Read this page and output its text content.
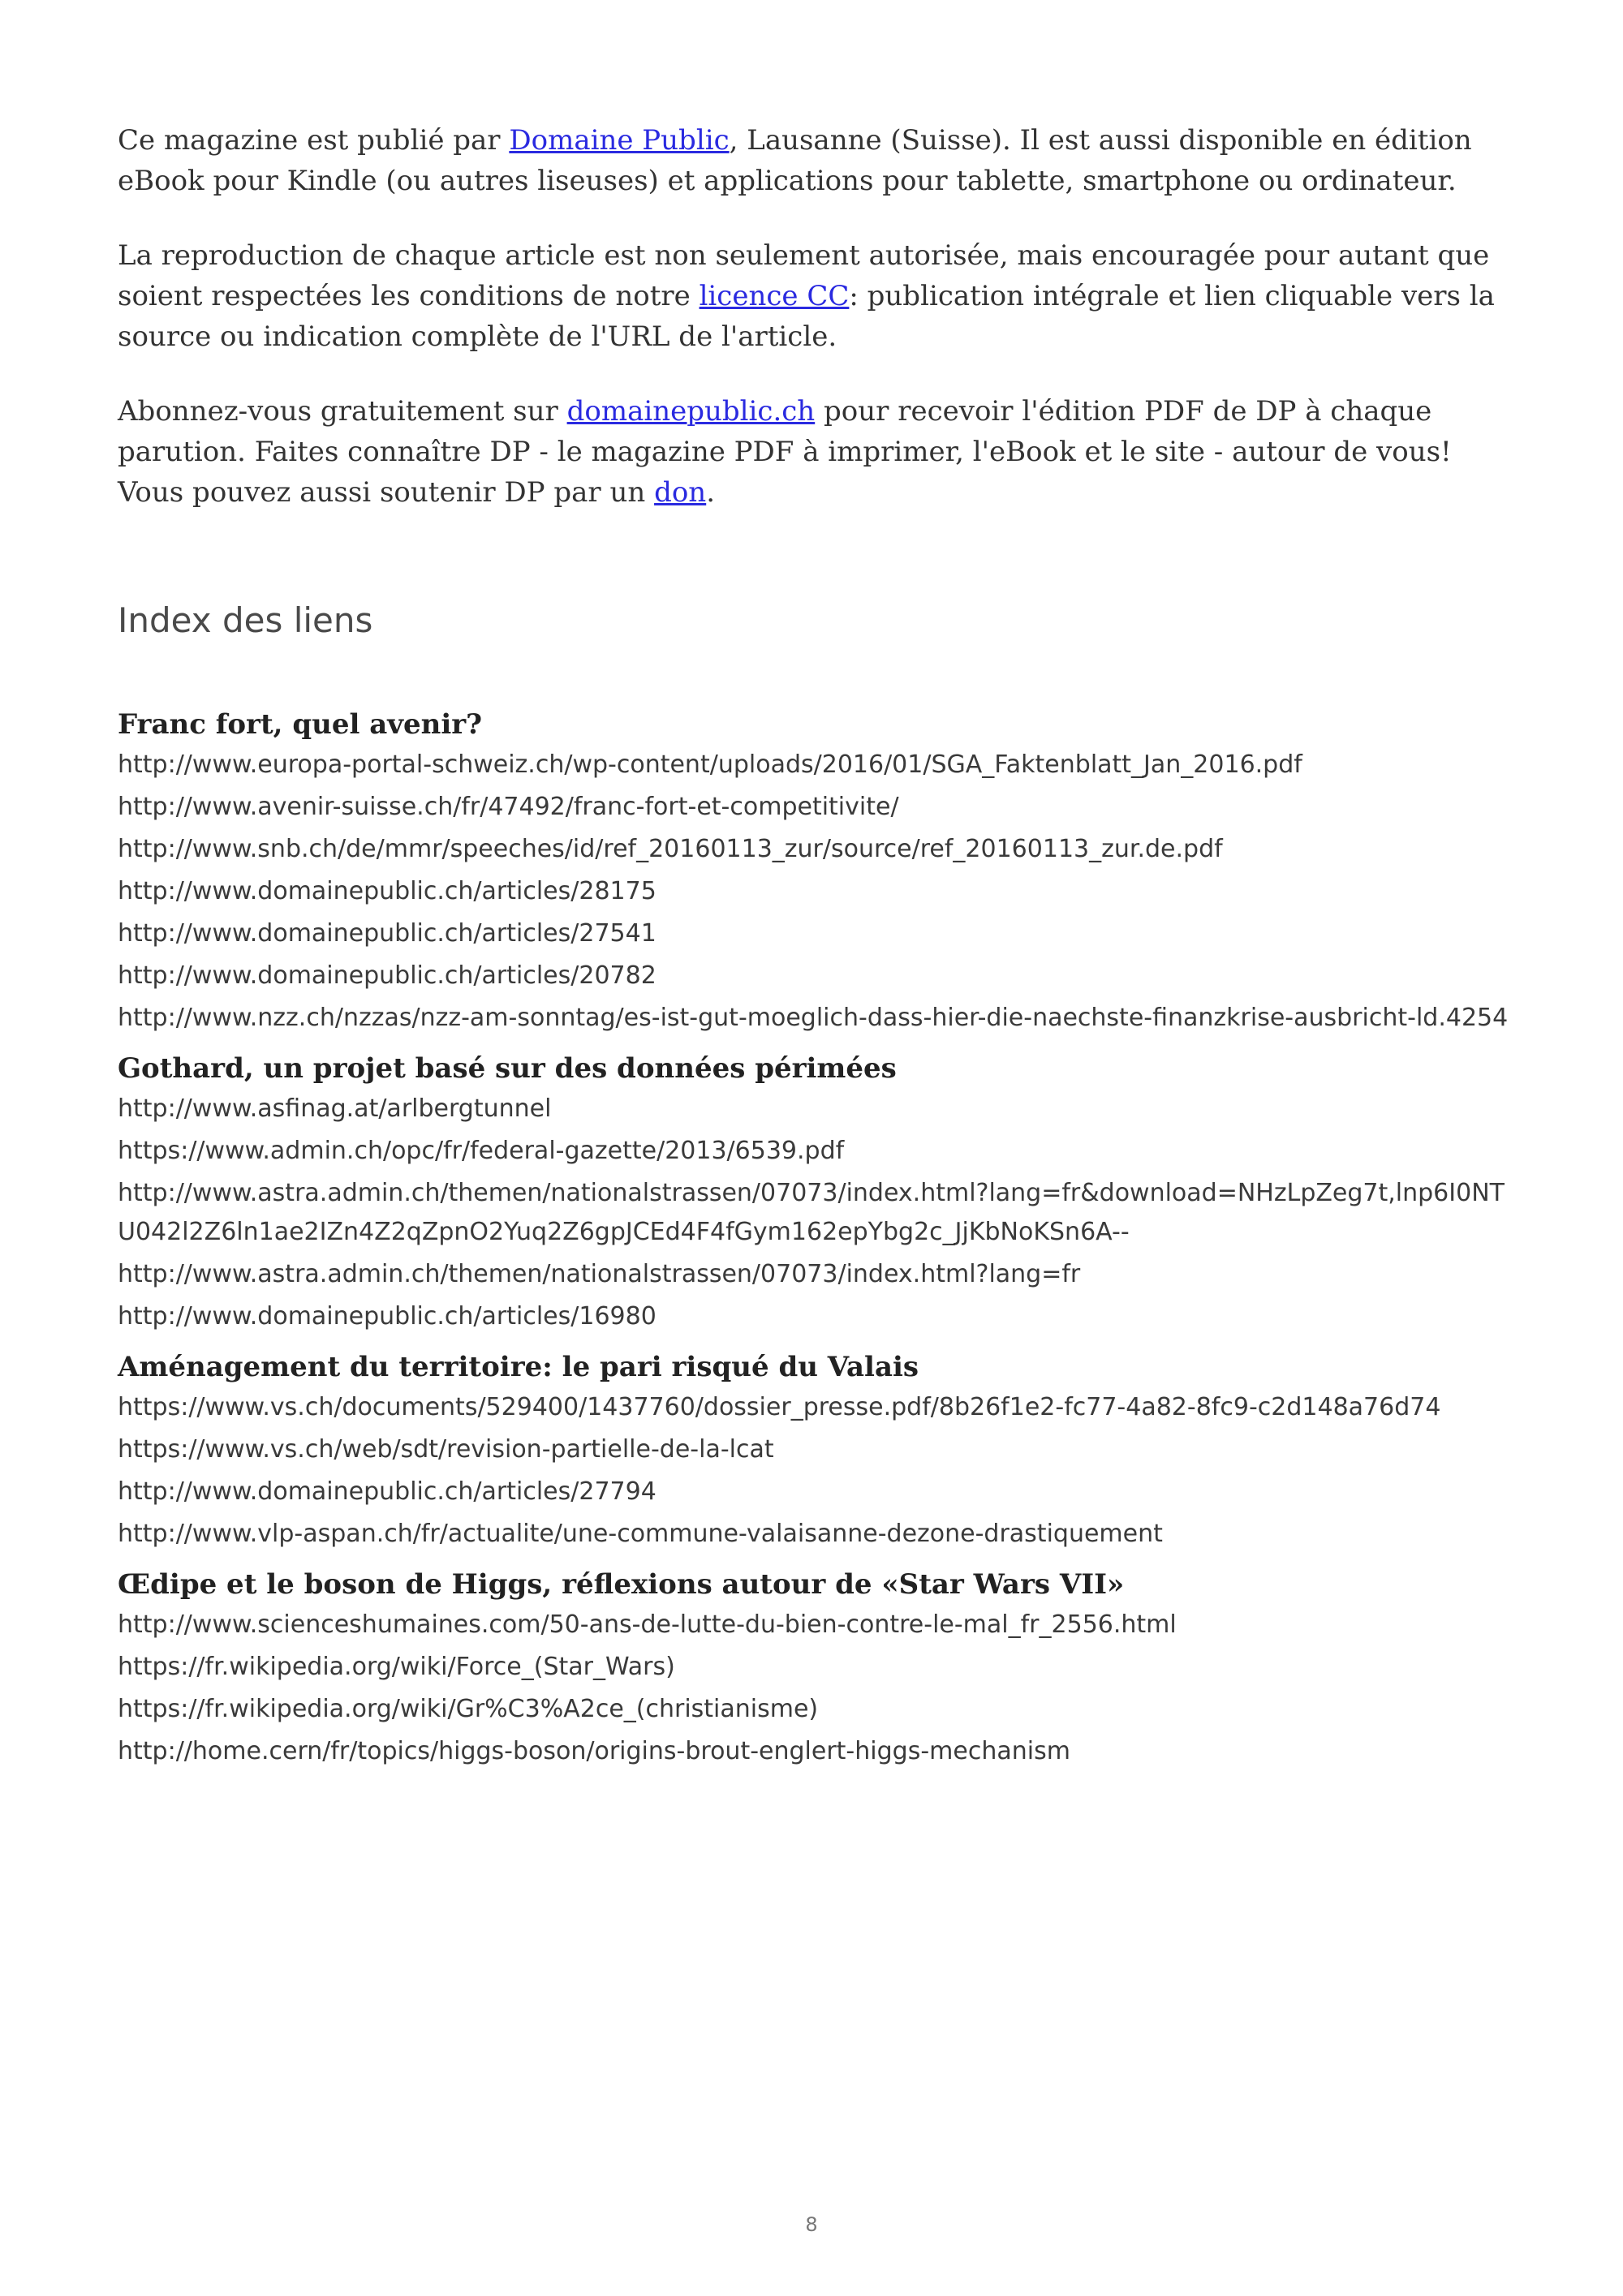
Ce magazine est publié par Domaine Public, Lausanne (Suisse). Il est aussi disponible en édition eBook pour Kindle (ou autres liseuses) et applications pour tablette, smartphone ou ordinateur.

La reproduction de chaque article est non seulement autorisée, mais encouragée pour autant que soient respectées les conditions de notre licence CC: publication intégrale et lien cliquable vers la source ou indication complète de l'URL de l'article.

Abonnez-vous gratuitement sur domainepublic.ch pour recevoir l'édition PDF de DP à chaque parution. Faites connaître DP - le magazine PDF à imprimer, l'eBook et le site - autour de vous! Vous pouvez aussi soutenir DP par un don.

Index des liens
Franc fort, quel avenir?
http://www.europa-portal-schweiz.ch/wp-content/uploads/2016/01/SGA_Faktenblatt_Jan_2016.pdf
http://www.avenir-suisse.ch/fr/47492/franc-fort-et-competitivite/
http://www.snb.ch/de/mmr/speeches/id/ref_20160113_zur/source/ref_20160113_zur.de.pdf
http://www.domainepublic.ch/articles/28175
http://www.domainepublic.ch/articles/27541
http://www.domainepublic.ch/articles/20782
http://www.nzz.ch/nzzas/nzz-am-sonntag/es-ist-gut-moeglich-dass-hier-die-naechste-finanzkrise-ausbricht-ld.4254
Gothard, un projet basé sur des données périmées
http://www.asfinag.at/arlbergtunnel
https://www.admin.ch/opc/fr/federal-gazette/2013/6539.pdf
http://www.astra.admin.ch/themen/nationalstrassen/07073/index.html?lang=fr&download=NHzLpZeg7t,lnp6I0NTU042l2Z6ln1ae2IZn4Z2qZpnO2Yuq2Z6gpJCEd4F4fGym162epYbg2c_JjKbNoKSn6A--
http://www.astra.admin.ch/themen/nationalstrassen/07073/index.html?lang=fr
http://www.domainepublic.ch/articles/16980
Aménagement du territoire: le pari risqué du Valais
https://www.vs.ch/documents/529400/1437760/dossier_presse.pdf/8b26f1e2-fc77-4a82-8fc9-c2d148a76d74
https://www.vs.ch/web/sdt/revision-partielle-de-la-lcat
http://www.domainepublic.ch/articles/27794
http://www.vlp-aspan.ch/fr/actualite/une-commune-valaisanne-dezone-drastiquement
Œdipe et le boson de Higgs, réflexions autour de «Star Wars VII»
http://www.scienceshumaines.com/50-ans-de-lutte-du-bien-contre-le-mal_fr_2556.html
https://fr.wikipedia.org/wiki/Force_(Star_Wars)
https://fr.wikipedia.org/wiki/Gr%C3%A2ce_(christianisme)
http://home.cern/fr/topics/higgs-boson/origins-brout-englert-higgs-mechanism
8
